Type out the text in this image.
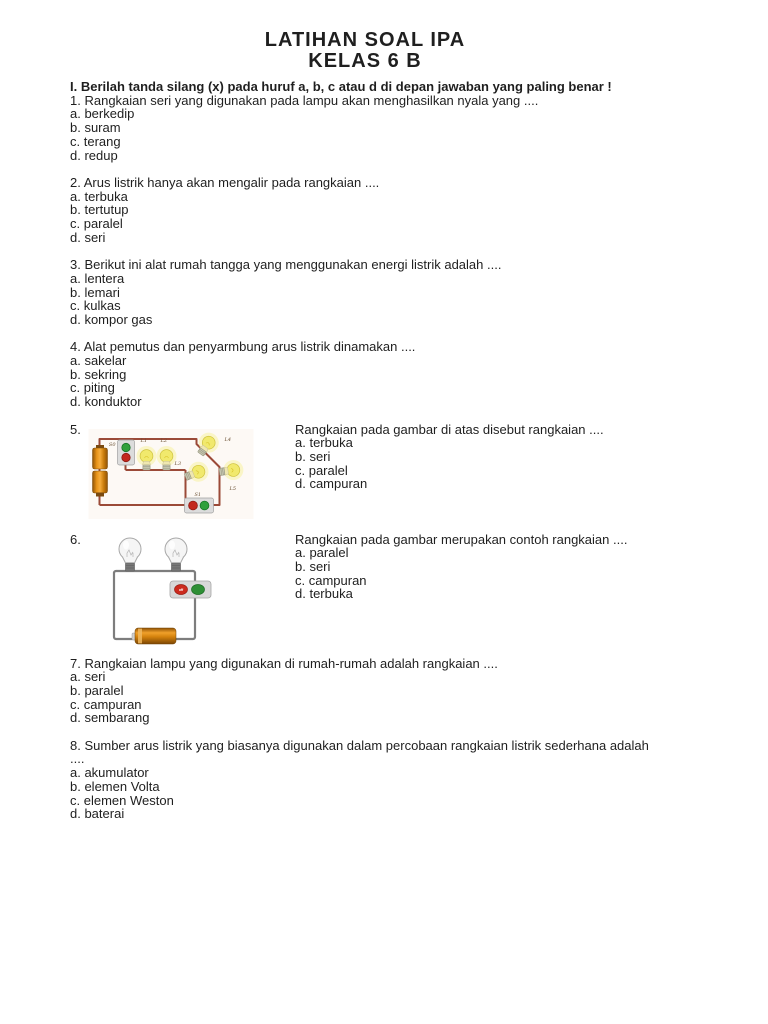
LATIHAN SOAL IPA
KELAS 6 B
I. Berilah tanda silang (x) pada huruf a, b, c atau d di depan jawaban yang paling benar !
1. Rangkaian seri yang digunakan pada lampu akan menghasilkan nyala yang ....
a. berkedip
b. suram
c. terang
d. redup
2. Arus listrik hanya akan mengalir pada rangkaian ....
a. terbuka
b. tertutup
c. paralel
d. seri
3. Berikut ini alat rumah tangga yang menggunakan energi listrik adalah ....
a. lentera
b. lemari
c. kulkas
d. kompor gas
4. Alat pemutus dan penyarmbung arus listrik dinamakan ....
a. sakelar
b. sekring
c. piting
d. konduktor
5.
S0
L1	L2
L3
L4
L5
S1
Rangkaian pada gambar di atas disebut rangkaian ....
a. terbuka
b. seri
c. paralel
d. campuran
6.
off
Rangkaian pada gambar merupakan contoh rangkaian ....
a. paralel
b. seri
c. campuran
d. terbuka
7. Rangkaian lampu yang digunakan di rumah-rumah adalah rangkaian ....
a. seri
b. paralel
c. campuran
d. sembarang
8. Sumber arus listrik yang biasanya digunakan dalam percobaan rangkaian listrik sederhana adalah
....
a. akumulator
b. elemen Volta
c. elemen Weston
d. baterai
